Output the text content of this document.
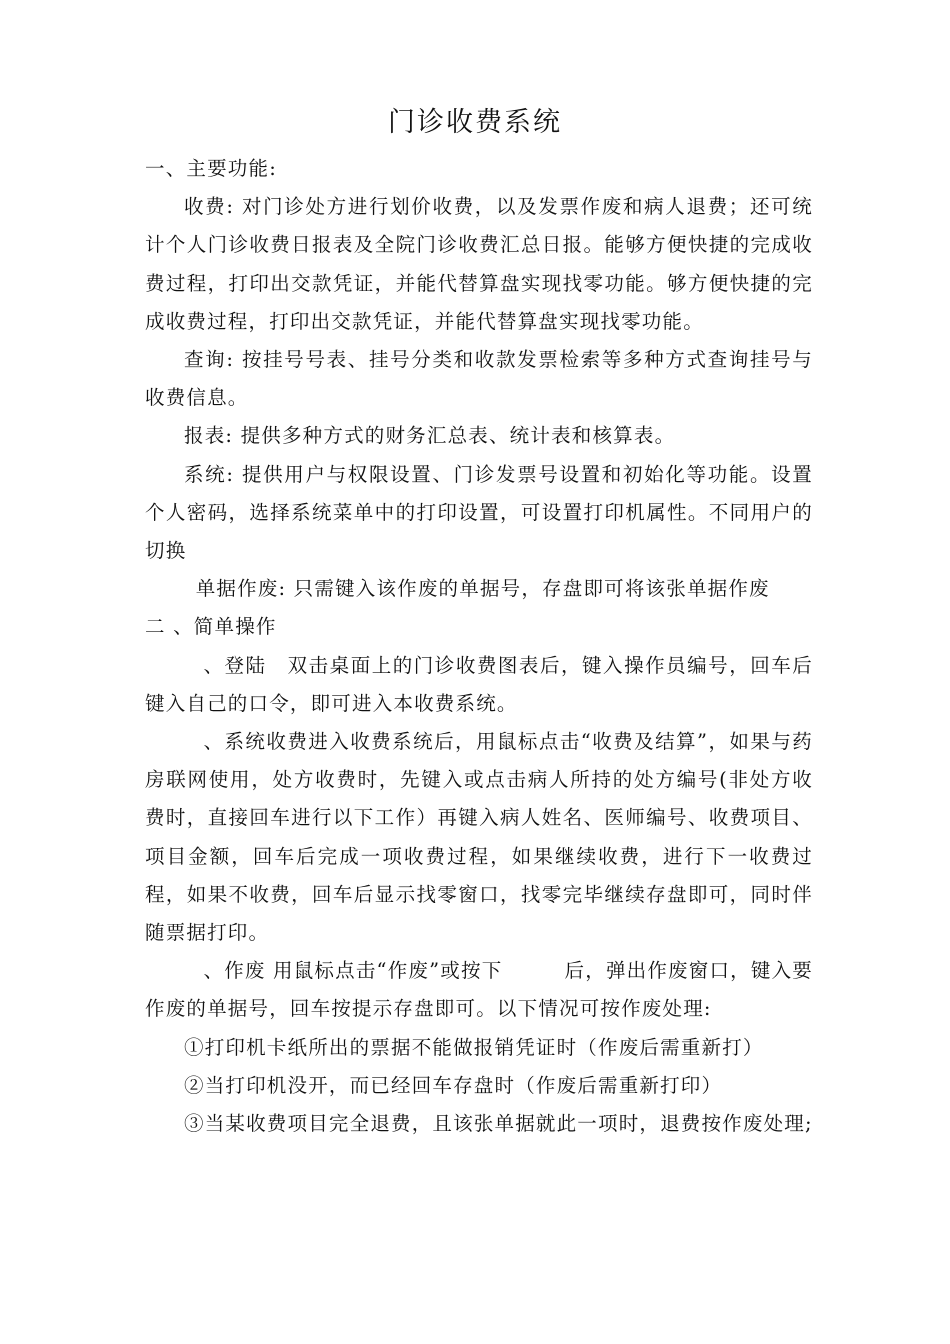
门诊收费系统

一、主要功能:

收费: 对门诊处方进行划价收费，以及发票作废和病人退费；还可统计个人门诊收费日报表及全院门诊收费汇总日报。能够方便快捷的完成收费过程，打印出交款凭证，并能代替算盘实现找零功能。够方便快捷的完成收费过程，打印出交款凭证，并能代替算盘实现找零功能。

查询: 按挂号号表、挂号分类和收款发票检索等多种方式查询挂号与收费信息。

报表: 提供多种方式的财务汇总表、统计表和核算表。

系统: 提供用户与权限设置、门诊发票号设置和初始化等功能。设置个人密码，选择系统菜单中的打印设置，可设置打印机属性。不同用户的切换

单据作废: 只需键入该作废的单据号，存盘即可将该张单据作废

二 、简单操作

、登陆　双击桌面上的门诊收费图表后，键入操作员编号，回车后键入自己的口令，即可进入本收费系统。

、系统收费进入收费系统后，用鼠标点击“收费及结算”，如果与药房联网使用，处方收费时，先键入或点击病人所持的处方编号(非处方收费时，直接回车进行以下工作）再键入病人姓名、医师编号、收费项目、项目金额，回车后完成一项收费过程，如果继续收费，进行下一收费过程，如果不收费，回车后显示找零窗口，找零完毕继续存盘即可，同时伴随票据打印。

、作废 用鼠标点击“作废”或按下　　　后，弹出作废窗口，键入要作废的单据号，回车按提示存盘即可。以下情况可按作废处理:

①打印机卡纸所出的票据不能做报销凭证时（作废后需重新打）

②当打印机没开，而已经回车存盘时（作废后需重新打印）

③当某收费项目完全退费，且该张单据就此一项时，退费按作废处理;
